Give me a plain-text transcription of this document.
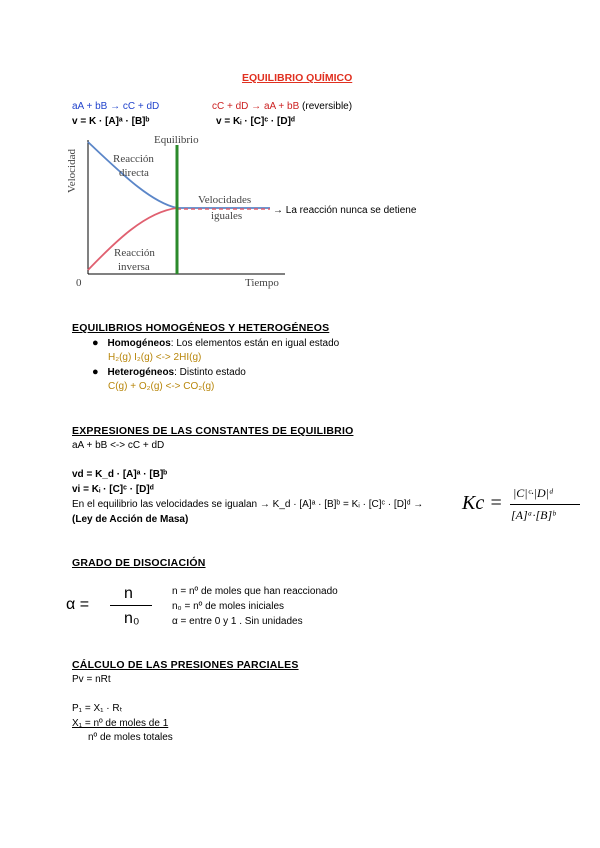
EQUILIBRIO QUÍMICO
aA + bB → cC + dD	cC + dD → aA + bB (reversible)
v = K · [A]ᵃ · [B]ᵇ	v = Kᵢ · [C]ᶜ · [D]ᵈ
Velocidad
0	Tiempo
Equilibrio
Reacción
directa
Reacción
inversa
Velocidades
iguales	→ La reacción nunca se detiene
EQUILIBRIOS HOMOGÉNEOS Y HETEROGÉNEOS
● Homogéneos: Los elementos están en igual estado
H₂(g) I₂(g) <-> 2HI(g)
● Heterogéneos: Distinto estado
C(g) + O₂(g) <-> CO₂(g)
EXPRESIONES DE LAS CONSTANTES DE EQUILIBRIO
aA + bB <-> cC + dD
vd = K_d · [A]ᵃ · [B]ᵇ
vi = Kᵢ · [C]ᶜ · [D]ᵈ
En el equilibrio las velocidades se igualan → K_d · [A]ᵃ · [B]ᵇ = Kᵢ · [C]ᶜ · [D]ᵈ →
(Ley de Acción de Masa)
Kc = |C|ᶜ·|D|ᵈ
[A]ᵃ·[B]ᵇ
GRADO DE DISOCIACIÓN
α =
n
n₀
n = nº de moles que han reaccionado
n₀ = nº de moles iniciales
α = entre 0 y 1 . Sin unidades
CÁLCULO DE LAS PRESIONES PARCIALES
Pv = nRt
P₁ = X₁ · Rₜ
X₁ = nº de moles de 1
nº de moles totales
